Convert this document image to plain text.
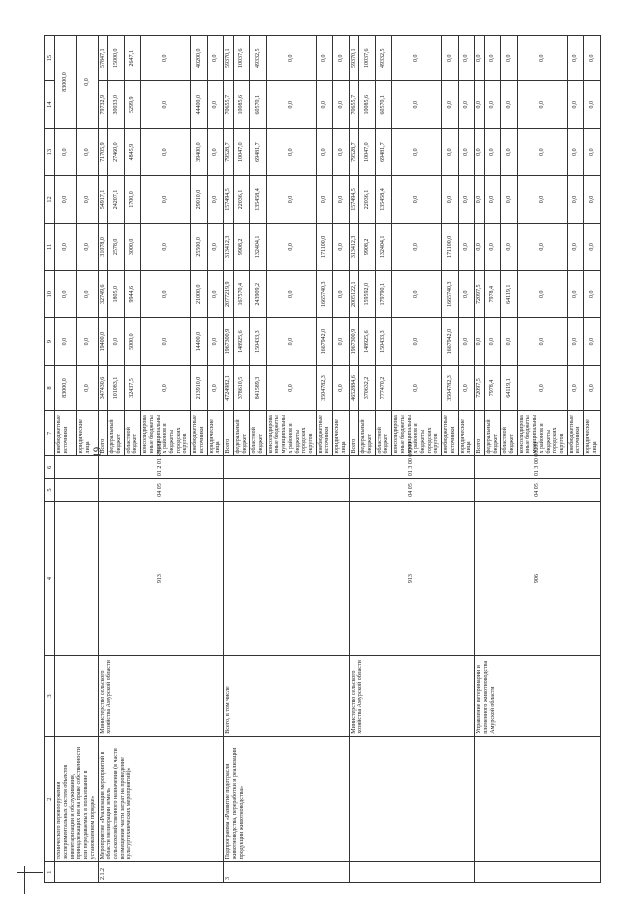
19
1	2	3	4	5	6	7	8	9	10	11	12	13	14	15
	технического перевооружения экспериментальных систем объектов инвентаризации и обслуживания, принадлежащих им на праве собственности или передаваемых в пользование в установленном порядке»					внебюджетные источники	83000,0	0,0	0,0	0,0	0,0	0,0	83000,0	
						юридические лица	0,0	0,0	0,0	0,0	0,0	0,0	0,0	
2.1.2	Мероприятие «Реализация мероприятий в области мелиорации земель сельскохозяйственного назначения (в части возмещения части затрат на проведение культуртехнических мероприятий)»	Министерство сельского хозяйства Амурской области	913	04 05	01 2 01 R5682	Всего	347430,6	19400,0	32749,6	31078,0	54917,1	71705,9	79732,9	57847,1
						федеральный бюджет	101083,1	0,0	1805,0	2578,0	24207,1	27460,0	30033,0	15000,0
						областной бюджет	32437,5	5000,0	9944,6	3000,0	1700,0	4845,9	5299,9	2647,1
						консолидированные бюджеты муниципальных районов и бюджеты городских округов	0,0	0,0	0,0	0,0	0,0	0,0	0,0	0,0
						внебюджетные источники	213910,0	14400,0	21000,0	25500,0	29010,0	39400,0	44400,0	40200,0
						юридические лица	0,0	0,0	0,0	0,0	0,0	0,0	0,0	0,0
3	Подпрограмма «Развитие подотрасли животноводства, переработки и реализации продукции животноводства»	Всего, в том числе				Всего	4724982,1	1967300,9	2077219,9	313412,3	157494,5	79528,7	70655,7	59370,1
						федеральный бюджет	378610,5	148925,6	167570,4	9908,2	22036,1	10047,0	10085,6	10037,6
						областной бюджет	841589,3	150433,3	243909,2	132404,1	135458,4	69481,7	60570,1	49332,5
						консолидированные бюджеты муниципальных районов и бюджеты городских округов	0,0	0,0	0,0	0,0	0,0	0,0	0,0	0,0
						внебюджетные источники	3504782,3	1667942,0	1665740,3	171100,0	0,0	0,0	0,0	0,0
						юридические лица	0,0	0,0	0,0	0,0	0,0	0,0	0,0	0,0
		Министерство сельского хозяйства Амурской области	913	04 05	01 3 00 00000	Всего	4652884,6	1967300,9	2005122,1	313412,3	157494,5	79528,7	70655,7	59370,1
						федеральный бюджет	370632,2	148925,6	159592,0	9908,2	22036,1	10047,0	10085,6	10037,6
						областной бюджет	777470,2	150433,3	179790,1	132404,1	135458,4	69481,7	60570,1	49332,5
						консолидированные бюджеты муниципальных районов и бюджеты городских округов	0,0	0,0	0,0	0,0	0,0	0,0	0,0	0,0
						внебюджетные источники	3504782,3	1667942,0	1665740,3	171100,0	0,0	0,0	0,0	0,0
						юридические лица	0,0	0,0	0,0	0,0	0,0	0,0	0,0	0,0
		Управление ветеринарии и племенного животноводства Амурской области	906	04 05	01 3 00 00000	Всего	72097,5	0,0	72097,5	0,0	0,0	0,0	0,0	0,0
						федеральный бюджет	7978,4	0,0	7978,4	0,0	0,0	0,0	0,0	0,0
						областной бюджет	64119,1	0,0	64119,1	0,0	0,0	0,0	0,0	0,0
						консолидированные бюджеты муниципальных районов и бюджеты городских округов	0,0	0,0	0,0	0,0	0,0	0,0	0,0	0,0
						внебюджетные источники	0,0	0,0	0,0	0,0	0,0	0,0	0,0	0,0
						юридические лица	0,0	0,0	0,0	0,0	0,0	0,0	0,0	0,0
